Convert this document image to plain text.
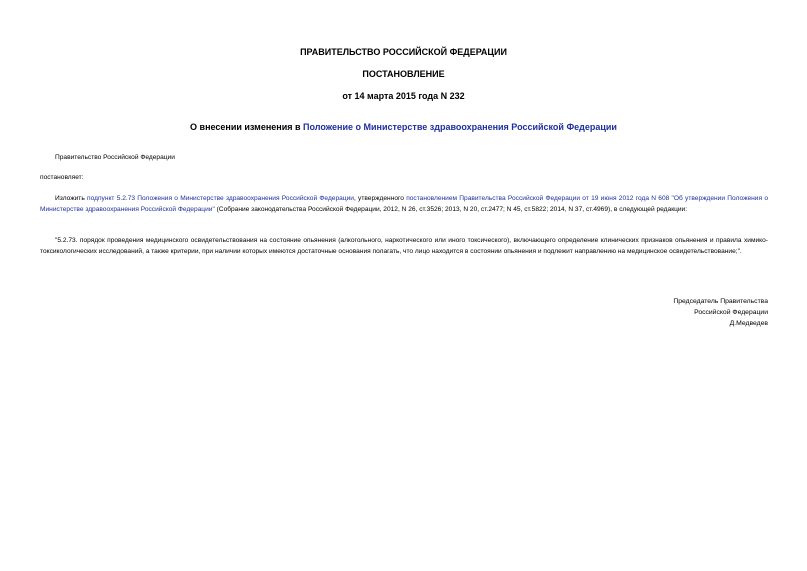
ПРАВИТЕЛЬСТВО РОССИЙСКОЙ ФЕДЕРАЦИИ
ПОСТАНОВЛЕНИЕ
от 14 марта 2015 года N 232
О внесении изменения в Положение о Министерстве здравоохранения Российской Федерации
Правительство Российской Федерации
постановляет:
Изложить подпункт 5.2.73 Положения о Министерстве здравоохранения Российской Федерации, утвержденного постановлением Правительства Российской Федерации от 19 июня 2012 года N 608 "Об утверждении Положения о Министерстве здравоохранения Российской Федерации" (Собрание законодательства Российской Федерации, 2012, N 26, ст.3526; 2013, N 20, ст.2477; N 45, ст.5822; 2014, N 37, ст.4969), в следующей редакции:
"5.2.73. порядок проведения медицинского освидетельствования на состояние опьянения (алкогольного, наркотического или иного токсического), включающего определение клинических признаков опьянения и правила химико-токсикологических исследований, а также критерии, при наличии которых имеются достаточные основания полагать, что лицо находится в состоянии опьянения и подлежит направлению на медицинское освидетельствование;".
Председатель Правительства
Российской Федерации
Д.Медведев
